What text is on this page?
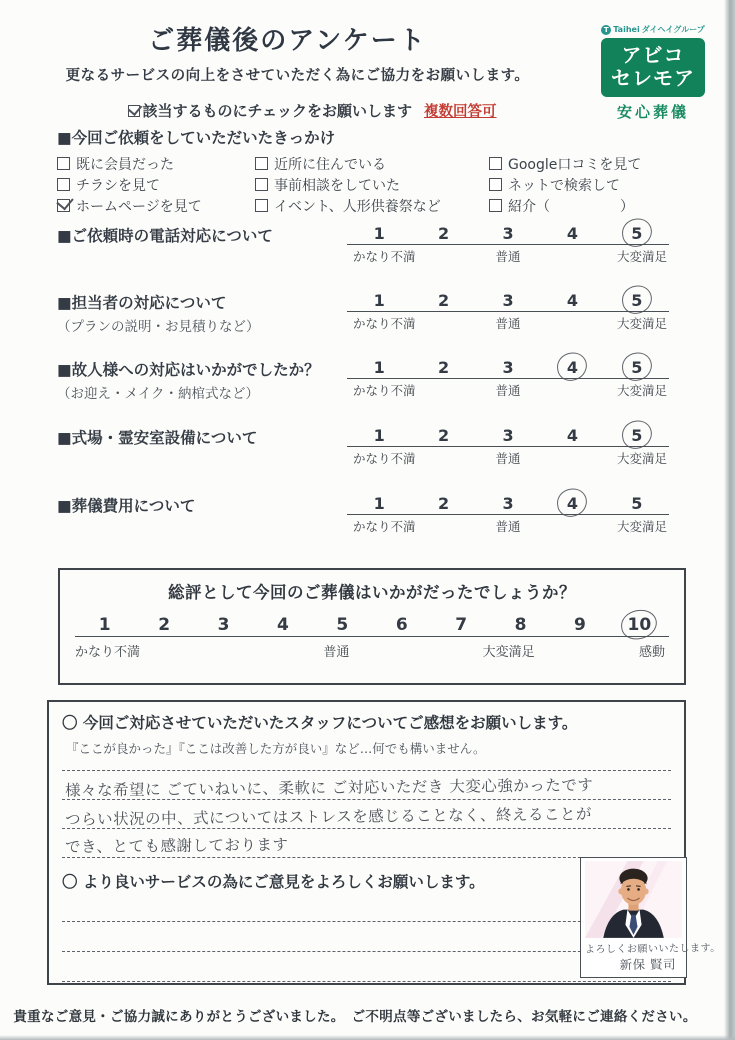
ご葬儀後のアンケート
更なるサービスの向上をさせていただく為にご協力をお願いします。
該当するものにチェックをお願いします 複数回答可
T Taihei ダイヘイグループ
アビコ
セレモア
安心葬儀
■今回ご依頼をしていただいたきっかけ
既に会員だった
チラシを見て
ホームページを見て
近所に住んでいる
事前相談をしていた
イベント、人形供養祭など
Google口コミを見て
ネットで検索して
紹介（　　　　　）
■ご依頼時の電話対応について	1	2	3	4	5
かなり不満	普通	大変満足
■担当者の対応について
（プランの説明・お見積りなど）
1	2	3	4	5
かなり不満	普通	大変満足
■故人様への対応はいかがでしたか？
（お迎え・メイク・納棺式など）
1	2	3	4	5
かなり不満	普通	大変満足
■式場・霊安室設備について	1	2	3	4	5
かなり不満	普通	大変満足
■葬儀費用について	1	2	3	4	5
かなり不満	普通	大変満足
総評として今回のご葬儀はいかがだったでしょうか？
1	2	3	4	5	6	7	8	9	10
かなり不満	普通	大変満足	感動
〇 今回ご対応させていただいたスタッフについてご感想をお願いします。
『ここが良かった』『ここは改善した方が良い』など…何でも構いません。
様々な希望に ごていねいに、柔軟に ご対応いただき 大変心強かったです
つらい状況の中、式についてはストレスを感じることなく、終えることが
でき、とても感謝しております
〇 より良いサービスの為にご意見をよろしくお願いします。
よろしくお願いいたします。
新保 賢司
貴重なご意見・ご協力誠にありがとうございました。　ご不明点等ございましたら、お気軽にご連絡ください。
